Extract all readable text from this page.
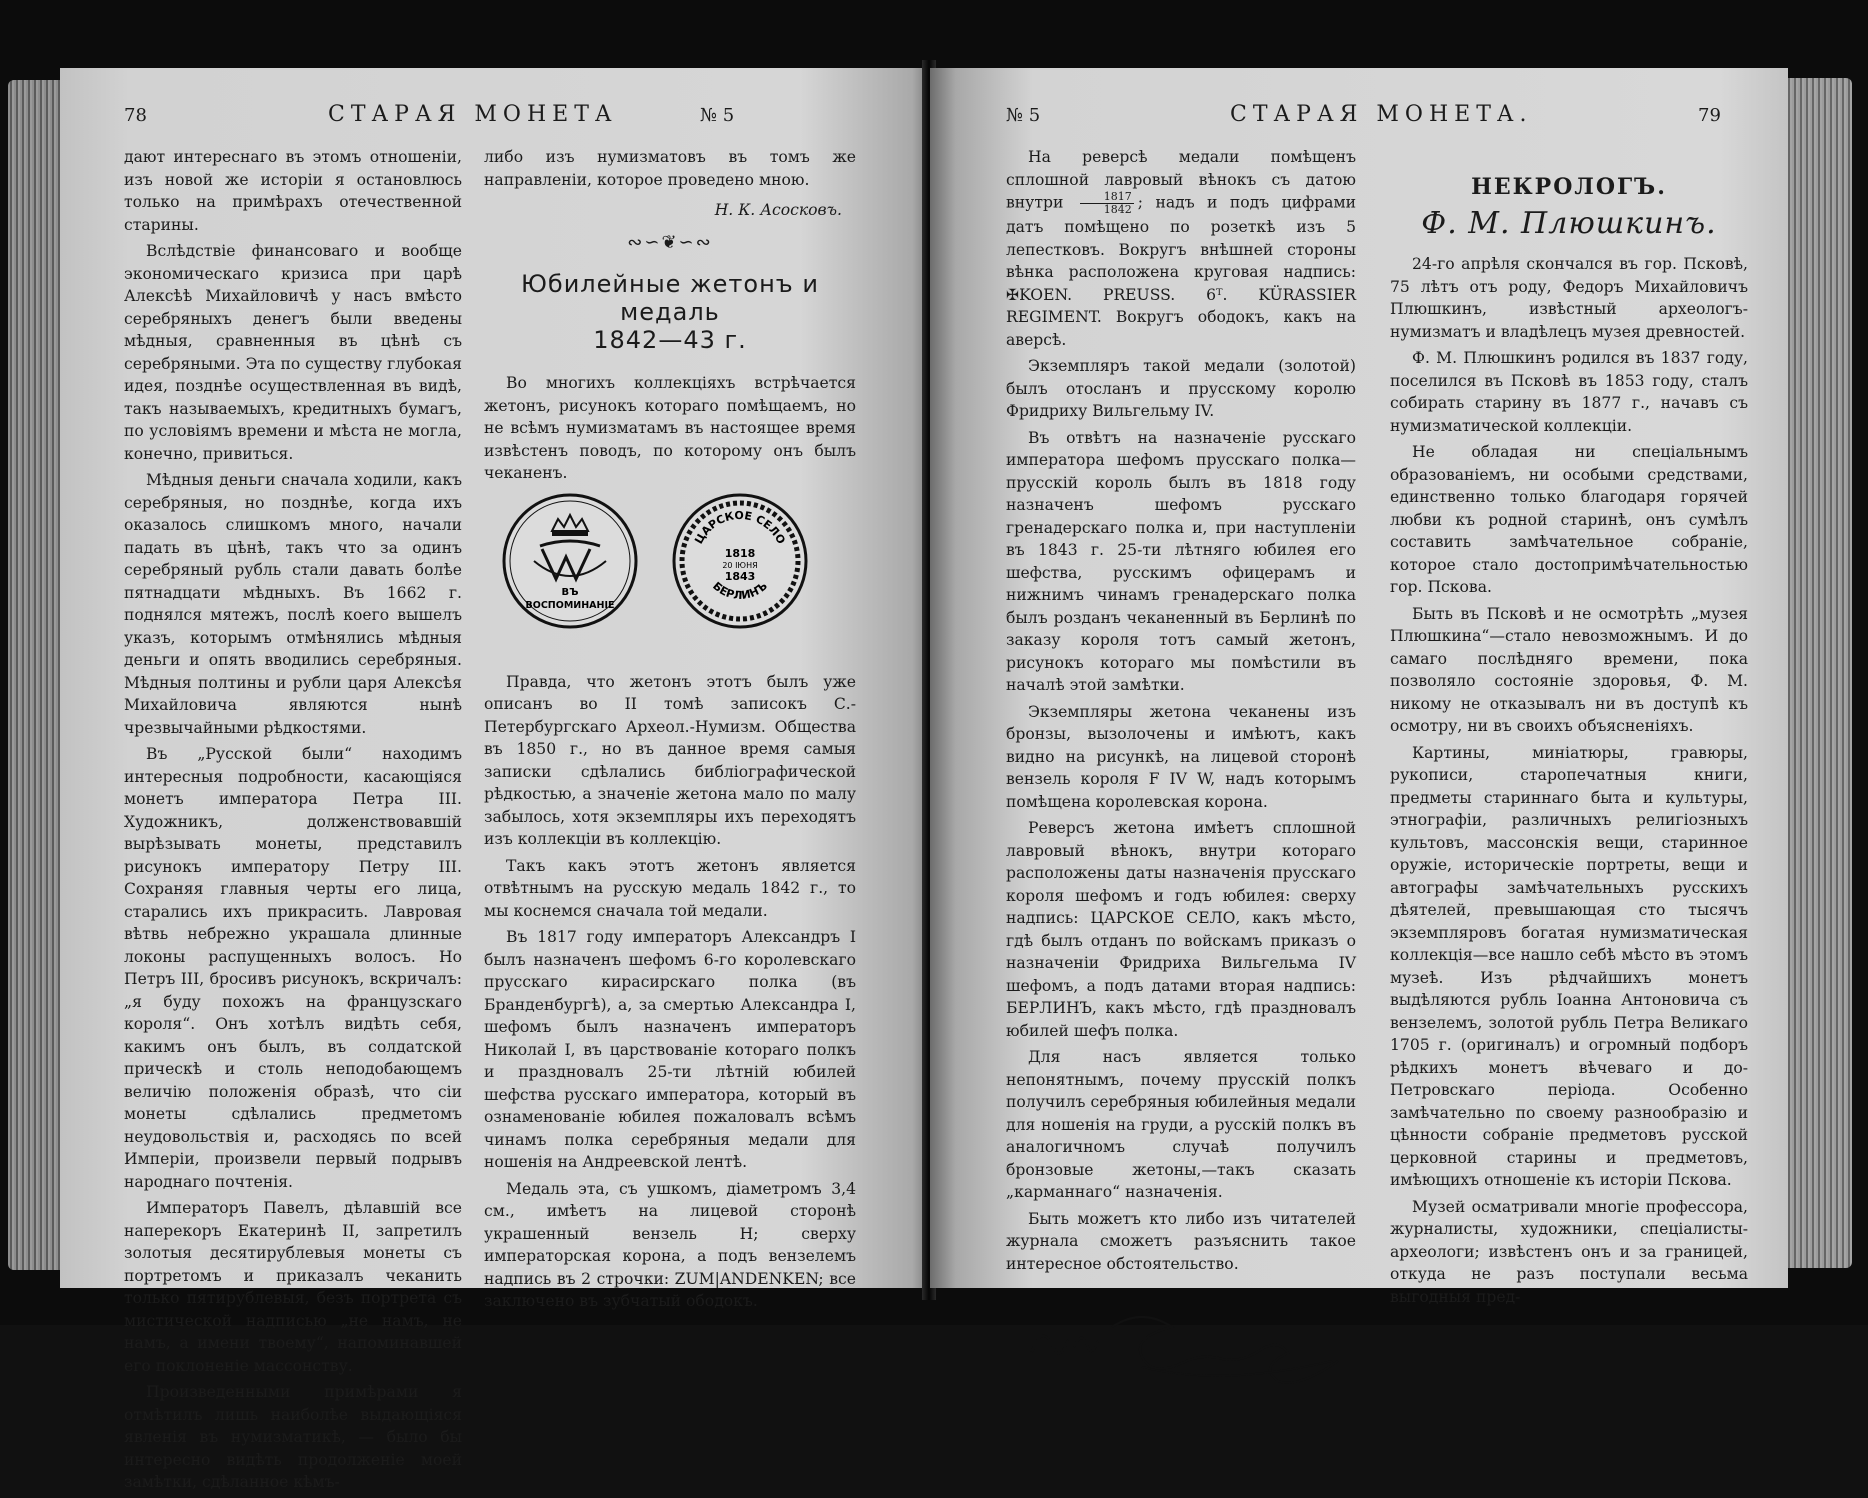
78	СТАРАЯ МОНЕТА	№ 5

дают интереснаго въ этомъ отношеніи, изъ новой же исторіи я остановлюсь только на примѣрахъ отечественной старины.

Вслѣдствіе финансоваго и вообще экономическаго кризиса при царѣ Алексѣѣ Михайловичѣ у насъ вмѣсто серебряныхъ денегъ были введены мѣдныя, сравненныя въ цѣнѣ съ серебряными. Эта по существу глубокая идея, позднѣе осуществленная въ видѣ, такъ называемыхъ, кредитныхъ бумагъ, по условіямъ времени и мѣста не могла, конечно, привиться.

Мѣдныя деньги сначала ходили, какъ серебряныя, но позднѣе, когда ихъ оказалось слишкомъ много, начали падать въ цѣнѣ, такъ что за одинъ серебряный рубль стали давать болѣе пятнадцати мѣдныхъ. Въ 1662 г. поднялся мятежъ, послѣ коего вышелъ указъ, которымъ отмѣнялись мѣдныя деньги и опять вводились серебряныя. Мѣдныя полтины и рубли царя Алексѣя Михайловича являются нынѣ чрезвычайными рѣдкостями.

Въ „Русской были“ находимъ интересныя подробности, касающіяся монетъ императора Петра III. Художникъ, долженствовавшій вырѣзывать монеты, представилъ рисунокъ императору Петру III. Сохраняя главныя черты его лица, старались ихъ прикрасить. Лавровая вѣтвь небрежно украшала длинные локоны распущенныхъ волосъ. Но Петръ III, бросивъ рисунокъ, вскричалъ: „я буду похожъ на французскаго короля“. Онъ хотѣлъ видѣть себя, какимъ онъ былъ, въ солдатской прическѣ и столь неподобающемъ величію положенія образѣ, что сіи монеты сдѣлались предметомъ неудовольствія и, расходясь по всей Имперіи, произвели первый подрывъ народнаго почтенія.

Императоръ Павелъ, дѣлавшій все наперекоръ Екатеринѣ II, запретилъ золотыя десятирублевыя монеты съ портретомъ и приказалъ чеканить только пятирублевыя, безъ портрета съ мистической надписью „не намъ, не намъ, а имени твоему“, напоминавшей его поклоненіе массонству.

Произведенными примѣрами я отмѣтилъ лишь наиболѣе выдающіяся явленія въ нумизматикѣ, — было бы интересно видѣть продолженіе моей замѣтки, сдѣланное кѣмъ-

либо изъ нумизматовъ въ томъ же направленіи, которое проведено мною.

Н. К. Асосковъ.

∾∽❦∽∾
Юбилейные жетонъ и медаль
1842—43 г.

Во многихъ коллекціяхъ встрѣчается жетонъ, рисунокъ котораго помѣщаемъ, но не всѣмъ нумизматамъ въ настоящее время извѣстенъ поводъ, по которому онъ былъ чеканенъ.

ВЪ
ВОСПОМИНАНІЕ
ЦАРСКОЕ СЕЛО
1818
20 ІЮНЯ
1843
БЕРЛИНЪ

Правда, что жетонъ этотъ былъ уже описанъ во II томѣ записокъ С.-Петербургскаго Археол.-Нумизм. Общества въ 1850 г., но въ данное время самыя записки сдѣлались библіографической рѣдкостью, а значеніе жетона мало по малу забылось, хотя экземпляры ихъ переходятъ изъ коллекціи въ коллекцію.

Такъ какъ этотъ жетонъ является отвѣтнымъ на русскую медаль 1842 г., то мы коснемся сначала той медали.

Въ 1817 году императоръ Александръ I былъ назначенъ шефомъ 6-го королевскаго прусскаго кирасирскаго полка (въ Бранденбургѣ), а, за смертью Александра I, шефомъ былъ назначенъ императоръ Николай I, въ царствованіе котораго полкъ и праздновалъ 25-ти лѣтній юбилей шефства русскаго императора, который въ ознаменованіе юбилея пожаловалъ всѣмъ чинамъ полка серебряныя медали для ношенія на Андреевской лентѣ.

Медаль эта, съ ушкомъ, діаметромъ 3,4 см., имѣетъ на лицевой сторонѣ украшенный вензель Н; сверху императорская корона, а подъ вензелемъ надпись въ 2 строчки: ZUM|ANDENKEN; все заключено въ зубчатый ободокъ.

№ 5	СТАРАЯ МОНЕТА.	79

На реверсѣ медали помѣщенъ сплошной лавровый вѣнокъ съ датою внутри $\frac{1817}{1842}$ ; надъ и подъ цифрами датъ помѣщено по розеткѣ изъ 5 лепестковъ. Вокругъ внѣшней стороны вѣнка расположена круговая надпись: ✠KOEN. PREUSS. 6ᵀ. KÜRASSIER REGIMENT. Вокругъ ободокъ, какъ на аверсѣ.

Экземпляръ такой медали (золотой) былъ отосланъ и прусскому королю Фридриху Вильгельму IV.

Въ отвѣтъ на назначеніе русскаго императора шефомъ прусскаго полка—прусскій король былъ въ 1818 году назначенъ шефомъ русскаго гренадерскаго полка и, при наступленіи въ 1843 г. 25-ти лѣтняго юбилея его шефства, русскимъ офицерамъ и нижнимъ чинамъ гренадерскаго полка былъ розданъ чеканенный въ Берлинѣ по заказу короля тотъ самый жетонъ, рисунокъ котораго мы помѣстили въ началѣ этой замѣтки.

Экземпляры жетона чеканены изъ бронзы, вызолочены и имѣютъ, какъ видно на рисункѣ, на лицевой сторонѣ вензель короля F IV W, надъ которымъ помѣщена королевская корона.

Реверсъ жетона имѣетъ сплошной лавровый вѣнокъ, внутри котораго расположены даты назначенія прусскаго короля шефомъ и годъ юбилея: сверху надпись: ЦАРСКОЕ СЕЛО, какъ мѣсто, гдѣ былъ отданъ по войскамъ приказъ о назначеніи Фридриха Вильгельма IV шефомъ, а подъ датами вторая надпись: БЕРЛИНЪ, какъ мѣсто, гдѣ праздновалъ юбилей шефъ полка.

Для насъ является только непонятнымъ, почему прусскій полкъ получилъ серебряныя юбилейныя медали для ношенія на груди, а русскій полкъ въ аналогичномъ случаѣ получилъ бронзовые жетоны,—такъ сказать „карманнаго“ назначенія.

Быть можетъ кто либо изъ читателей журнала сможетъ разъяснить такое интересное обстоятельство.

НЕКРОЛОГЪ.
Ф. М. Плюшкинъ.

24-го апрѣля скончался въ гор. Псковѣ, 75 лѣтъ отъ роду, Федоръ Михайловичъ Плюшкинъ, извѣстный археологъ-нумизматъ и владѣлецъ музея древностей.

Ф. М. Плюшкинъ родился въ 1837 году, поселился въ Псковѣ въ 1853 году, сталъ собирать старину въ 1877 г., начавъ съ нумизматической коллекціи.

Не обладая ни спеціальнымъ образованіемъ, ни особыми средствами, единственно только благодаря горячей любви къ родной старинѣ, онъ сумѣлъ составить замѣчательное собраніе, которое стало достопримѣчательностью гор. Пскова.

Быть въ Псковѣ и не осмотрѣть „музея Плюшкина“—стало невозможнымъ. И до самаго послѣдняго времени, пока позволяло состояніе здоровья, Ф. М. никому не отказывалъ ни въ доступѣ къ осмотру, ни въ своихъ объясненіяхъ.

Картины, миніатюры, гравюры, рукописи, старопечатныя книги, предметы стариннаго быта и культуры, этнографіи, различныхъ религіозныхъ культовъ, массонскія вещи, старинное оружіе, историческіе портреты, вещи и автографы замѣчательныхъ русскихъ дѣятелей, превышающая сто тысячъ экземпляровъ богатая нумизматическая коллекція—все нашло себѣ мѣсто въ этомъ музеѣ. Изъ рѣдчайшихъ монетъ выдѣляются рубль Іоанна Антоновича съ вензелемъ, золотой рубль Петра Великаго 1705 г. (оригиналъ) и огромный подборъ рѣдкихъ монетъ вѣчеваго и до-Петровскаго періода. Особенно замѣчательно по своему разнообразію и цѣнности собраніе предметовъ русской церковной старины и предметовъ, имѣющихъ отношеніе къ исторіи Пскова.

Музей осматривали многіе профессора, журналисты, художники, спеціалисты-археологи; извѣстенъ онъ и за границей, откуда не разъ поступали весьма выгодныя пред-
